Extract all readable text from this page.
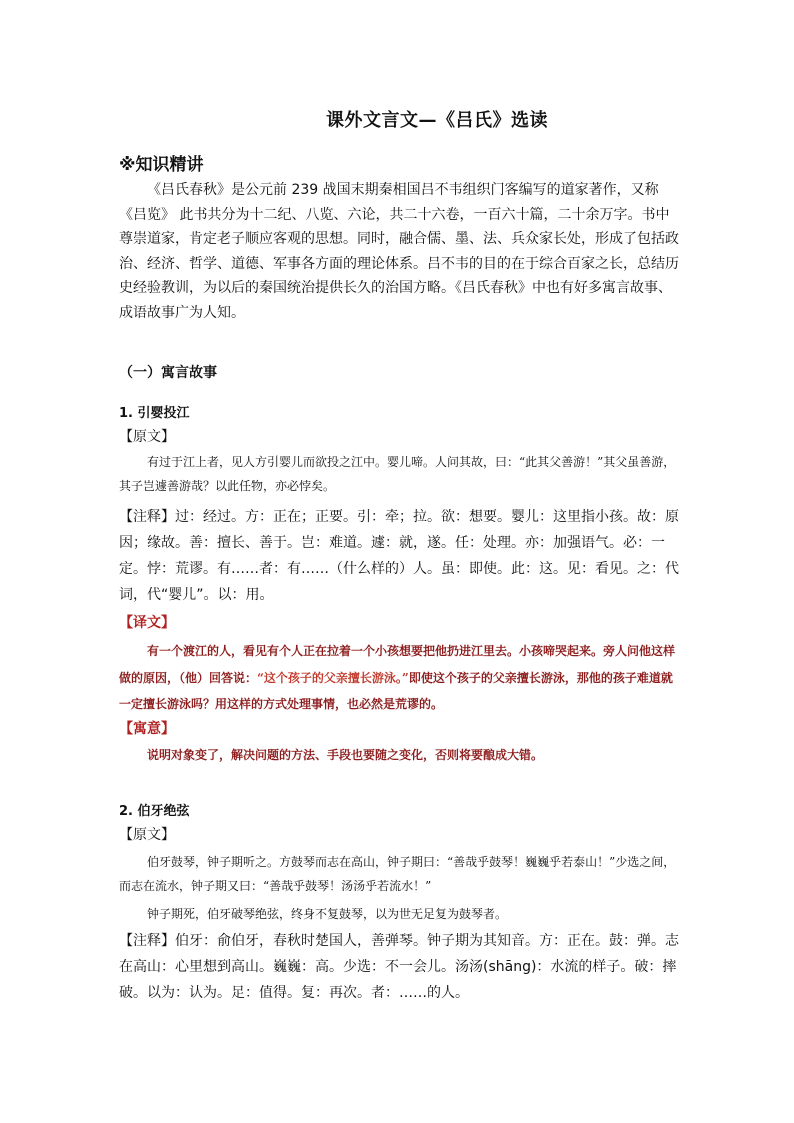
课外文言文—《吕氏》选读
※知识精讲
《吕氏春秋》是公元前 239 战国末期秦相国吕不韦组织门客编写的道家著作，又称《吕览》 此书共分为十二纪、八览、六论，共二十六卷，一百六十篇，二十余万字。书中尊崇道家，肯定老子顺应客观的思想。同时，融合儒、墨、法、兵众家长处，形成了包括政治、经济、哲学、道德、军事各方面的理论体系。吕不韦的目的在于综合百家之长，总结历史经验教训，为以后的秦国统治提供长久的治国方略。《吕氏春秋》中也有好多寓言故事、成语故事广为人知。
（一）寓言故事
1. 引婴投江
【原文】
有过于江上者，见人方引婴儿而欲投之江中。婴儿啼。人问其故，曰：“此其父善游！”其父虽善游，其子岂遽善游哉？以此任物，亦必悖矣。
【注释】过：经过。方：正在；正要。引：牵；拉。欲：想要。婴儿：这里指小孩。故：原因；缘故。善：擅长、善于。岂：难道。遽：就，遂。任：处理。亦：加强语气。必：一定。悖：荒谬。有……者：有……（什么样的）人。虽：即使。此：这。见：看见。之：代词，代“婴儿”。以：用。
【译文】
有一个渡江的人，看见有个人正在拉着一个小孩想要把他扔进江里去。小孩啼哭起来。旁人问他这样做的原因，（他）回答说：“这个孩子的父亲擅长游泳。”即使这个孩子的父亲擅长游泳，那他的孩子难道就一定擅长游泳吗？用这样的方式处理事情，也必然是荒谬的。
【寓意】
说明对象变了，解决问题的方法、手段也要随之变化，否则将要酿成大错。
2. 伯牙绝弦
【原文】
伯牙鼓琴，钟子期听之。方鼓琴而志在高山，钟子期曰：“善哉乎鼓琴！巍巍乎若泰山！”少选之间，而志在流水，钟子期又曰：“善哉乎鼓琴！汤汤乎若流水！”
钟子期死，伯牙破琴绝弦，终身不复鼓琴，以为世无足复为鼓琴者。
【注释】伯牙：俞伯牙，春秋时楚国人，善弹琴。钟子期为其知音。方：正在。鼓：弹。志在高山：心里想到高山。巍巍：高。少选：不一会儿。汤汤(shāng)：水流的样子。破：摔破。以为：认为。足：值得。复：再次。者：……的人。
